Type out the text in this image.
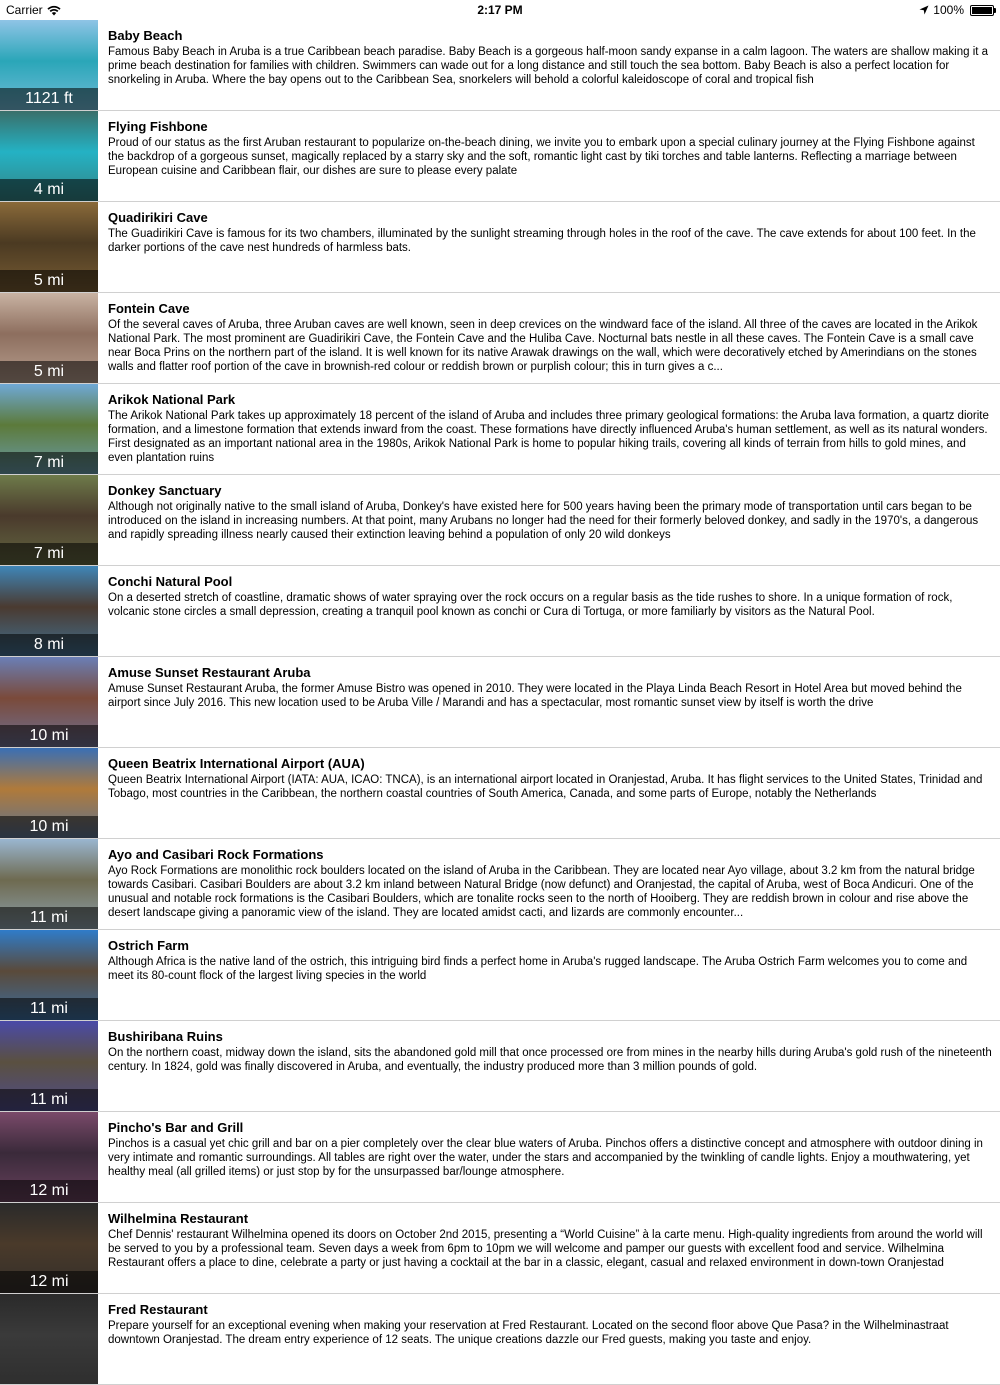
Carrier	2:17 PM	100%
1121 ft
Baby Beach
Famous Baby Beach in Aruba is a true Caribbean beach paradise. Baby Beach is a gorgeous half-moon sandy expanse in a calm lagoon. The waters are shallow making it a prime beach destination for families with children. Swimmers can wade out for a long distance and still touch the sea bottom. Baby Beach is also a perfect location for snorkeling in Aruba. Where the bay opens out to the Caribbean Sea, snorkelers will behold a colorful kaleidoscope of coral and tropical fish
4 mi
Flying Fishbone
Proud of our status as the first Aruban restaurant to popularize on-the-beach dining, we invite you to embark upon a special culinary journey at the Flying Fishbone against the backdrop of a gorgeous sunset, magically replaced by a starry sky and the soft, romantic light cast by tiki torches and table lanterns. Reflecting a marriage between European cuisine and Caribbean flair, our dishes are sure to please every palate
5 mi
Quadirikiri Cave
The Guadirikiri Cave is famous for its two chambers, illuminated by the sunlight streaming through holes in the roof of the cave. The cave extends for about 100 feet. In the darker portions of the cave nest hundreds of harmless bats.
5 mi
Fontein Cave
Of the several caves of Aruba, three Aruban caves are well known, seen in deep crevices on the windward face of the island. All three of the caves are located in the Arikok National Park. The most prominent are Guadirikiri Cave, the Fontein Cave and the Huliba Cave. Nocturnal bats nestle in all these caves. The Fontein Cave is a small cave near Boca Prins on the northern part of the island. It is well known for its native Arawak drawings on the wall, which were decoratively etched by Amerindians on the stones walls and flatter roof portion of the cave in brownish-red colour or reddish brown or purplish colour; this in turn gives a c...
7 mi
Arikok National Park
The Arikok National Park takes up approximately 18 percent of the island of Aruba and includes three primary geological formations: the Aruba lava formation, a quartz diorite formation, and a limestone formation that extends inward from the coast. These formations have directly influenced Aruba's human settlement, as well as its natural wonders. First designated as an important national area in the 1980s, Arikok National Park is home to popular hiking trails, covering all kinds of terrain from hills to gold mines, and even plantation ruins
7 mi
Donkey Sanctuary
Although not originally native to the small island of Aruba, Donkey's have existed here for 500 years having been the primary mode of transportation until cars began to be introduced on the island in increasing numbers. At that point, many Arubans no longer had the need for their formerly beloved donkey, and sadly in the 1970's, a dangerous and rapidly spreading illness nearly caused their extinction leaving behind a population of only 20 wild donkeys
8 mi
Conchi Natural Pool
On a deserted stretch of coastline, dramatic shows of water spraying over the rock occurs on a regular basis as the tide rushes to shore. In a unique formation of rock, volcanic stone circles a small depression, creating a tranquil pool known as conchi or Cura di Tortuga, or more familiarly by visitors as the Natural Pool.
10 mi
Amuse Sunset Restaurant Aruba
Amuse Sunset Restaurant Aruba, the former Amuse Bistro was opened in 2010. They were located in the Playa Linda Beach Resort in Hotel Area but moved behind the airport since July 2016. This new location used to be Aruba Ville / Marandi and has a spectacular, most romantic sunset view by itself is worth the drive
10 mi
Queen Beatrix International Airport (AUA)
Queen Beatrix International Airport (IATA: AUA, ICAO: TNCA), is an international airport located in Oranjestad, Aruba. It has flight services to the United States, Trinidad and Tobago, most countries in the Caribbean, the northern coastal countries of South America, Canada, and some parts of Europe, notably the Netherlands
11 mi
Ayo and Casibari Rock Formations
Ayo Rock Formations are monolithic rock boulders located on the island of Aruba in the Caribbean. They are located near Ayo village, about 3.2 km from the natural bridge towards Casibari. Casibari Boulders are about 3.2 km inland between Natural Bridge (now defunct) and Oranjestad, the capital of Aruba, west of Boca Andicuri. One of the unusual and notable rock formations is the Casibari Boulders, which are tonalite rocks seen to the north of Hooiberg. They are reddish brown in colour and rise above the desert landscape giving a panoramic view of the island. They are located amidst cacti, and lizards are commonly encounter...
11 mi
Ostrich Farm
Although Africa is the native land of the ostrich, this intriguing bird finds a perfect home in Aruba's rugged landscape. The Aruba Ostrich Farm welcomes you to come and meet its 80-count flock of the largest living species in the world
11 mi
Bushiribana Ruins
On the northern coast, midway down the island, sits the abandoned gold mill that once processed ore from mines in the nearby hills during Aruba's gold rush of the nineteenth century. In 1824, gold was finally discovered in Aruba, and eventually, the industry produced more than 3 million pounds of gold.
12 mi
Pincho's Bar and Grill
Pinchos is a casual yet chic grill and bar on a pier completely over the clear blue waters of Aruba. Pinchos offers a distinctive concept and atmosphere with outdoor dining in very intimate and romantic surroundings. All tables are right over the water, under the stars and accompanied by the twinkling of candle lights. Enjoy a mouthwatering, yet healthy meal (all grilled items) or just stop by for the unsurpassed bar/lounge atmosphere.
12 mi
Wilhelmina Restaurant
Chef Dennis' restaurant Wilhelmina opened its doors on October 2nd 2015, presenting a “World Cuisine” à la carte menu. High-quality ingredients from around the world will be served to you by a professional team. Seven days a week from 6pm to 10pm we will welcome and pamper our guests with excellent food and service. Wilhelmina Restaurant offers a place to dine, celebrate a party or just having a cocktail at the bar in a classic, elegant, casual and relaxed environment in down-town Oranjestad
Fred Restaurant
Prepare yourself for an exceptional evening when making your reservation at Fred Restaurant. Located on the second floor above Que Pasa? in the Wilhelminastraat downtown Oranjestad. The dream entry experience of 12 seats. The unique creations dazzle our Fred guests, making you taste and enjoy.
